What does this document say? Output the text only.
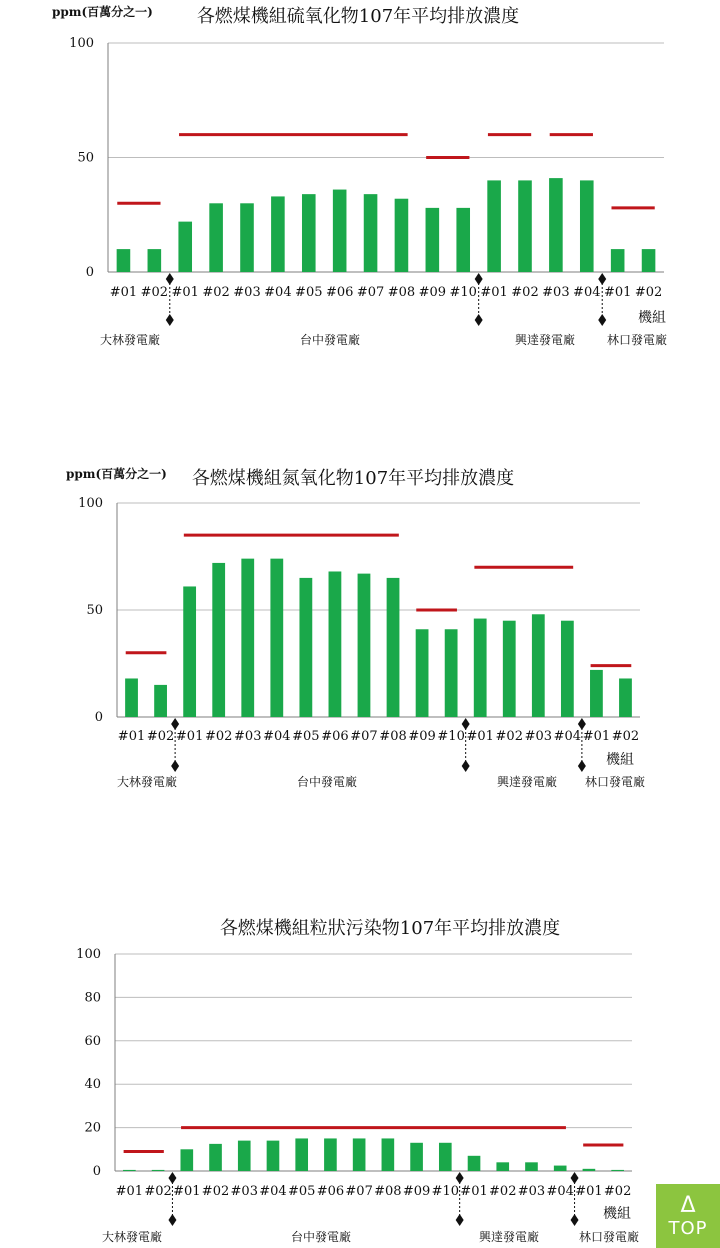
各燃煤機組硫氧化物107年平均排放濃度
ppm(百萬分之一)
0
50
100
#01 #02 #01 #02 #03 #04 #05 #06 #07 #08 #09 #10 #01 #02 #03 #04 #01 #02
機組
大林發電廠	台中發電廠	興達發電廠	林口發電廠
各燃煤機組氮氧化物107年平均排放濃度
ppm(百萬分之一)
0
50
100
#01 #02 #01 #02 #03 #04 #05 #06 #07 #08 #09 #10 #01 #02 #03 #04 #01 #02
機組
大林發電廠	台中發電廠	興達發電廠 林口發電廠
各燃煤機組粒狀污染物107年平均排放濃度
0
20
40
60
80
100
#01 #02 #01 #02 #03 #04 #05 #06 #07 #08 #09 #10 #01 #02 #03 #04 #01 #02
機組
大林發電廠	台中發電廠	興達發電廠	林口發電廠
Δ
TOP
